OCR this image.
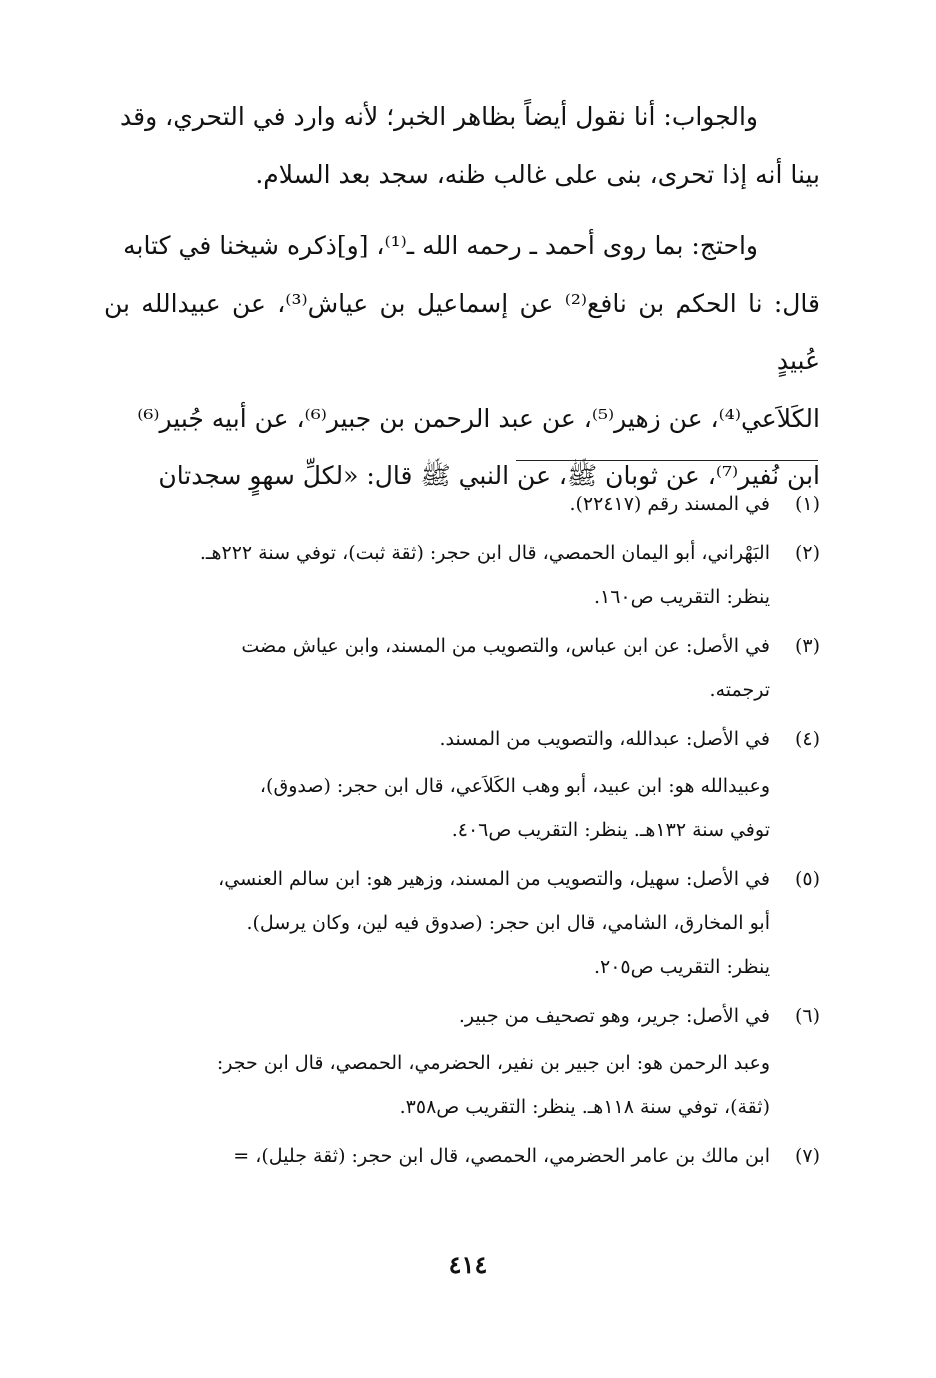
والجواب: أنا نقول أيضاً بظاهر الخبر؛ لأنه وارد في التحري، وقد

بينا أنه إذا تحرى، بنى على غالب ظنه، سجد بعد السلام.

واحتج: بما روى أحمد ـ رحمه الله ـ⁽¹⁾، [و]ذكره شيخنا في كتابه

قال: نا الحكم بن نافع⁽²⁾ عن إسماعيل بن عياش⁽³⁾، عن عبيدالله بن عُبيدٍ

الكَلاَعي⁽⁴⁾، عن زهير⁽⁵⁾، عن عبد الرحمن بن جبير⁽⁶⁾، عن أبيه جُبير⁽⁶⁾

ابن نُفير⁽⁷⁾، عن ثوبان ﷺ، عن النبي ﷺ قال: «لكلِّ سهوٍ سجدتان

(١)
في المسند رقم (٢٢٤١٧).
(٢)
البَهْراني، أبو اليمان الحمصي، قال ابن حجر: (ثقة ثبت)، توفي سنة ٢٢٢هـ.
ينظر: التقريب ص١٦٠.
(٣)
في الأصل: عن ابن عباس، والتصويب من المسند، وابن عياش مضت
ترجمته.
(٤)
في الأصل: عبدالله، والتصويب من المسند.
وعبيدالله هو: ابن عبيد، أبو وهب الكَلاَعي، قال ابن حجر: (صدوق)،
توفي سنة ١٣٢هـ. ينظر: التقريب ص٤٠٦.
(٥)
في الأصل: سهيل، والتصويب من المسند، وزهير هو: ابن سالم العنسي،
أبو المخارق، الشامي، قال ابن حجر: (صدوق فيه لين، وكان يرسل).
ينظر: التقريب ص٢٠٥.
(٦)
في الأصل: جرير، وهو تصحيف من جبير.
وعبد الرحمن هو: ابن جبير بن نفير، الحضرمي، الحمصي، قال ابن حجر:
(ثقة)، توفي سنة ١١٨هـ. ينظر: التقريب ص٣٥٨.
(٧)
ابن مالك بن عامر الحضرمي، الحمصي، قال ابن حجر: (ثقة جليل)، =
٤١٤
